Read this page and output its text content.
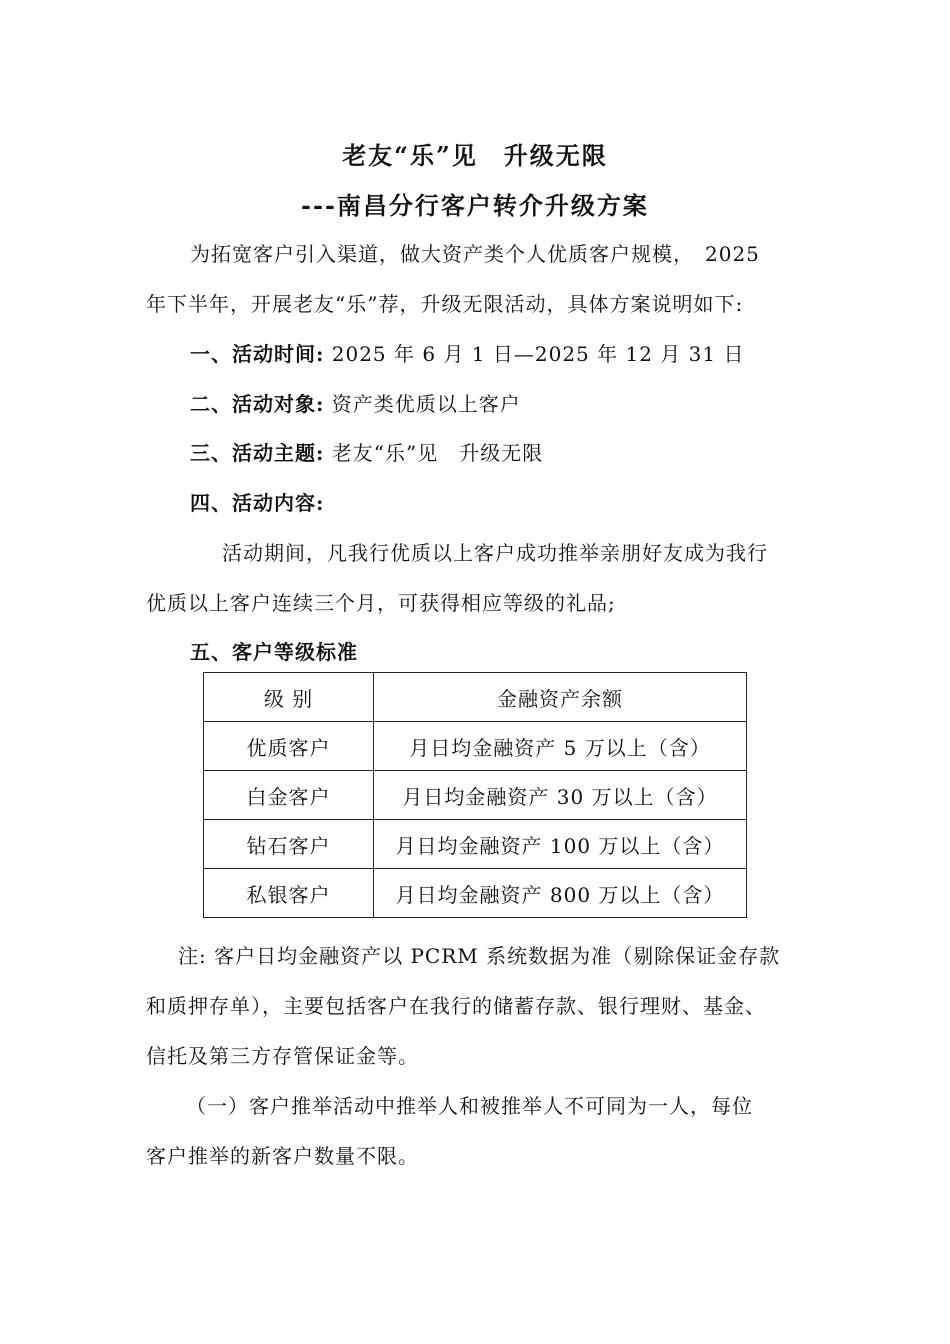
老友“乐”见　升级无限
---南昌分行客户转介升级方案
为拓宽客户引入渠道，做大资产类个人优质客户规模，　2025
年下半年，开展老友“乐”荐，升级无限活动，具体方案说明如下:
一、活动时间: 2025 年 6 月 1 日—2025 年 12 月 31 日
二、活动对象: 资产类优质以上客户
三、活动主题: 老友“乐”见　升级无限
四、活动内容:
活动期间，凡我行优质以上客户成功推举亲朋好友成为我行
优质以上客户连续三个月，可获得相应等级的礼品;
五、客户等级标准
级 别	金融资产余额
优质客户	月日均金融资产 5 万以上（含）
白金客户	月日均金融资产 30 万以上（含）
钻石客户	月日均金融资产 100 万以上（含）
私银客户	月日均金融资产 800 万以上（含）
注: 客户日均金融资产以 PCRM 系统数据为准（剔除保证金存款
和质押存单），主要包括客户在我行的储蓄存款、银行理财、基金、
信托及第三方存管保证金等。
（一）客户推举活动中推举人和被推举人不可同为一人，每位
客户推举的新客户数量不限。
